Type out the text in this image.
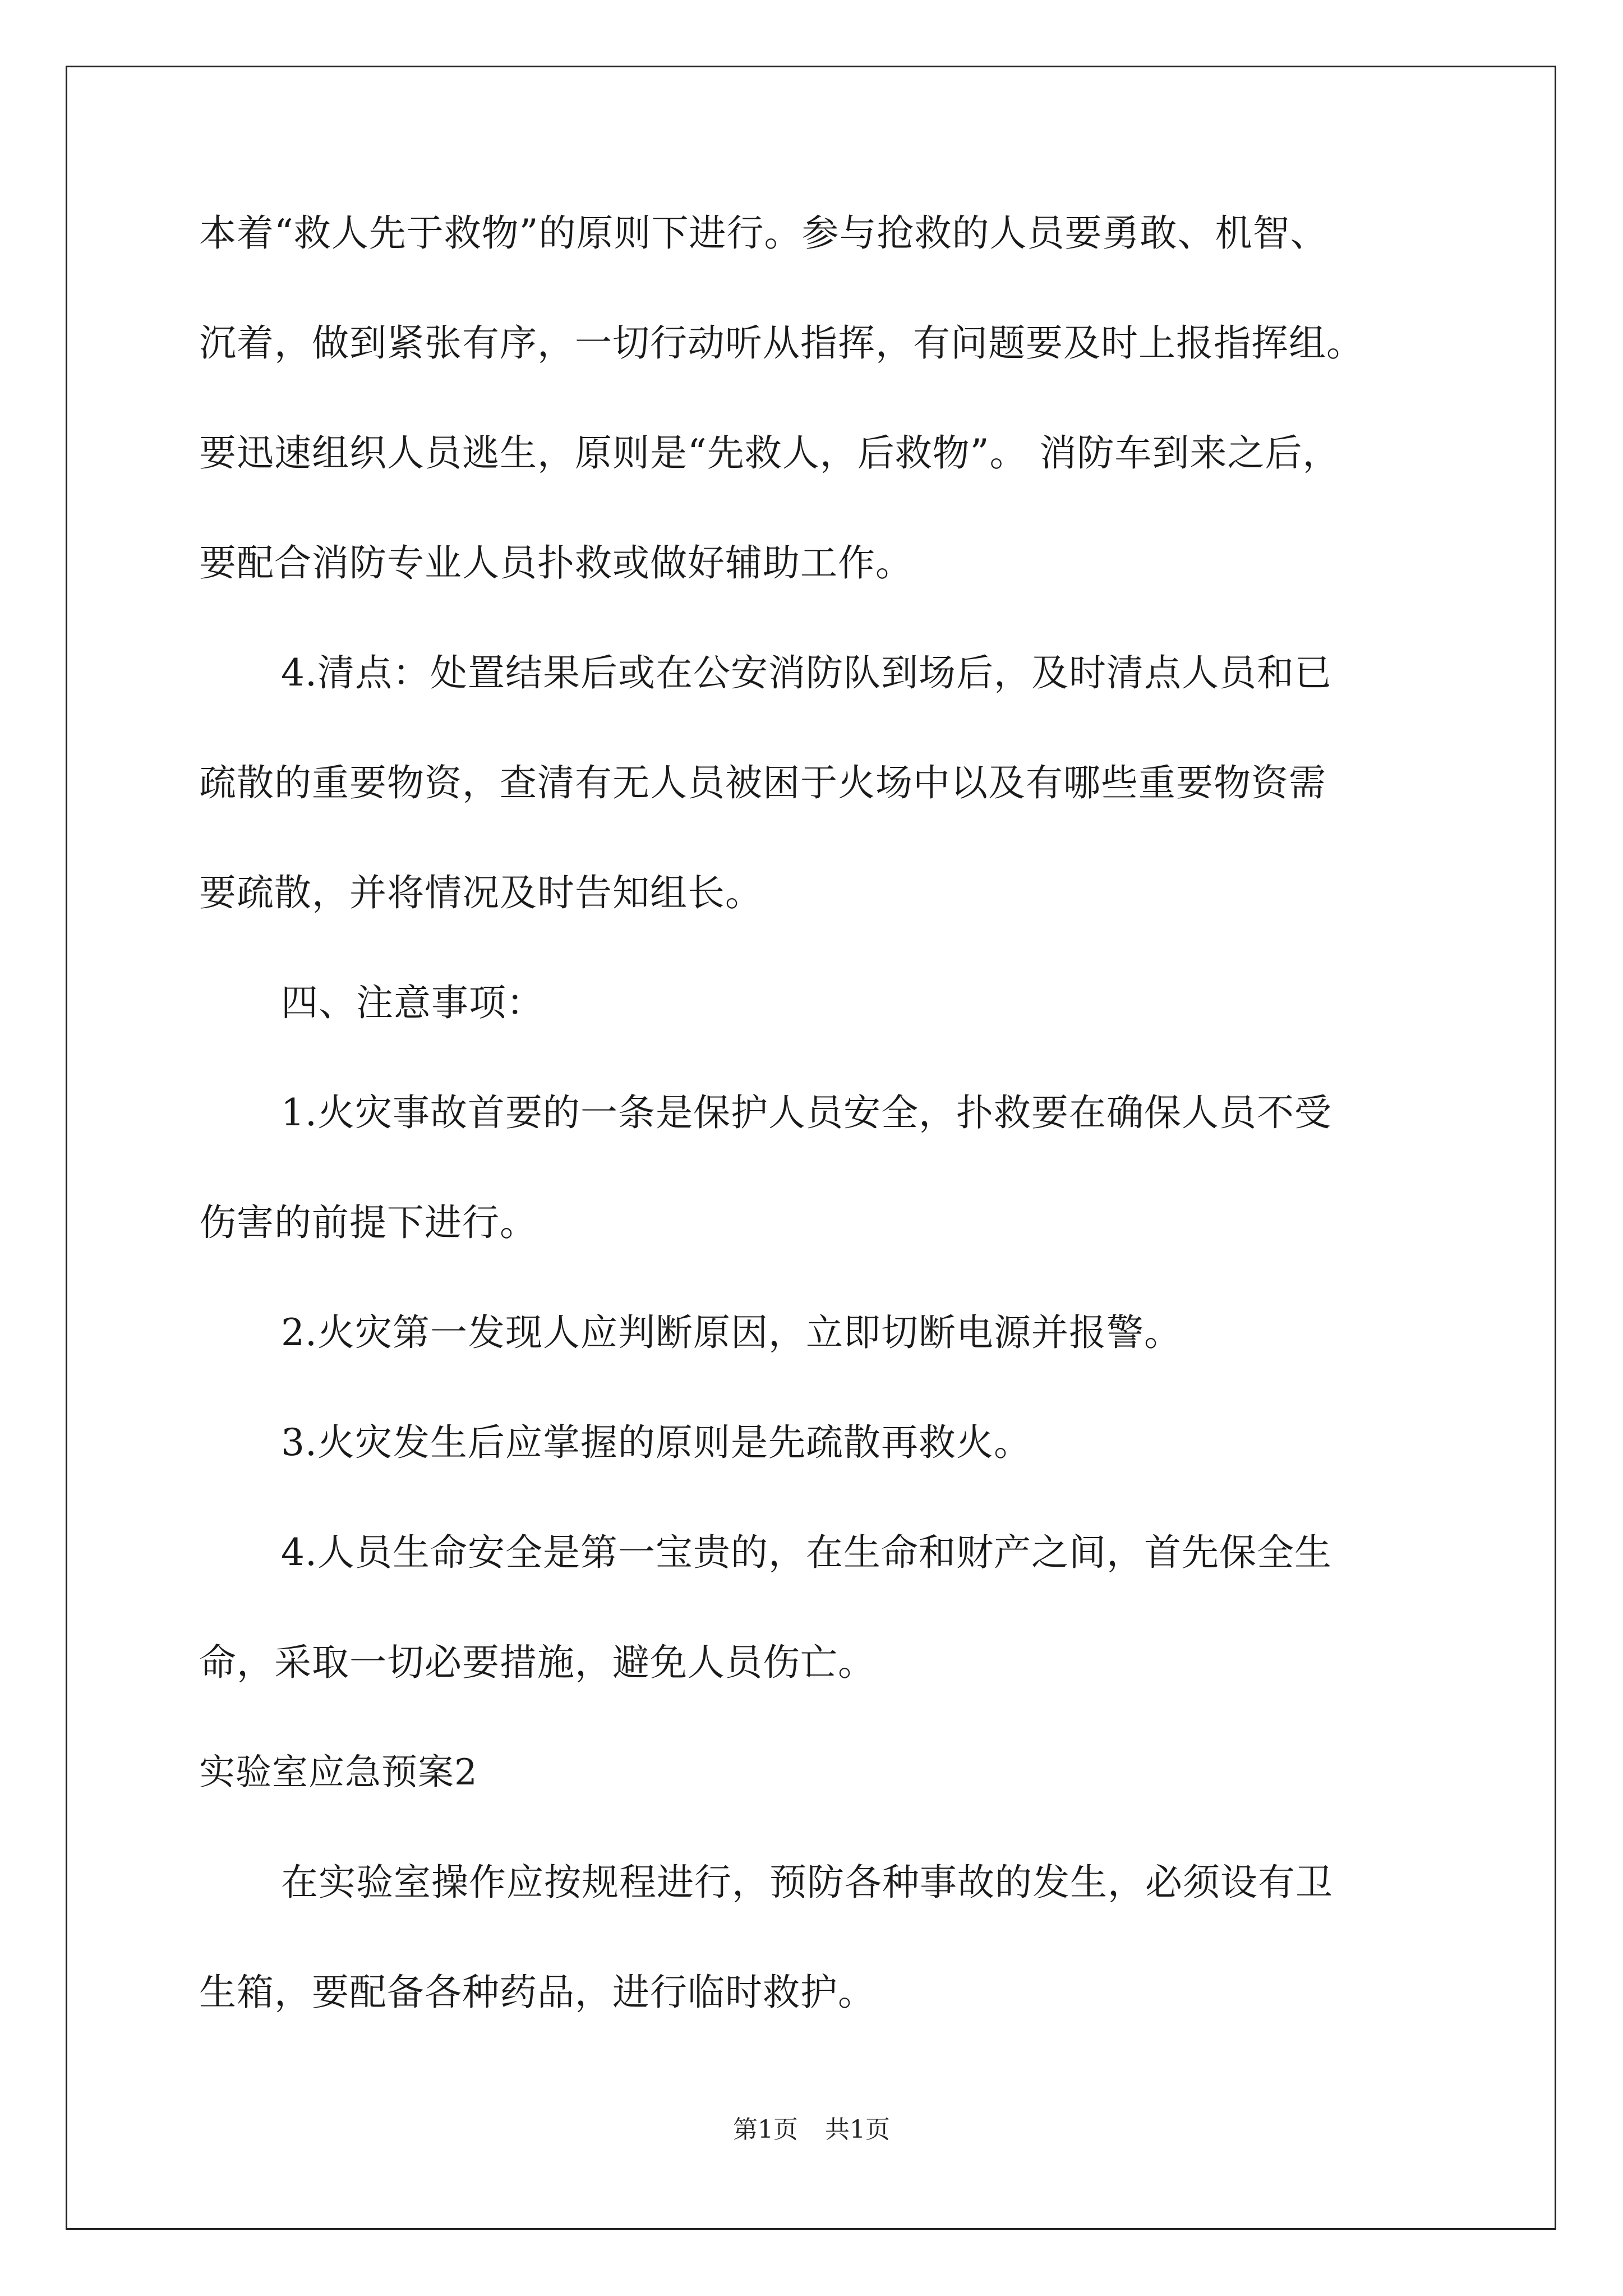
本着“救人先于救物”的原则下进行。参与抢救的人员要勇敢、机智、
沉着，做到紧张有序，一切行动听从指挥，有问题要及时上报指挥组。
要迅速组织人员逃生，原则是“先救人，后救物”。 消防车到来之后，
要配合消防专业人员扑救或做好辅助工作。
4.清点：处置结果后或在公安消防队到场后，及时清点人员和已
疏散的重要物资，查清有无人员被困于火场中以及有哪些重要物资需
要疏散，并将情况及时告知组长。
四、注意事项：
1.火灾事故首要的一条是保护人员安全，扑救要在确保人员不受
伤害的前提下进行。
2.火灾第一发现人应判断原因，立即切断电源并报警。
3.火灾发生后应掌握的原则是先疏散再救火。
4.人员生命安全是第一宝贵的，在生命和财产之间，首先保全生
命，采取一切必要措施，避免人员伤亡。
实验室应急预案2
在实验室操作应按规程进行，预防各种事故的发生，必须设有卫
生箱，要配备各种药品，进行临时救护。
第1页 共1页
